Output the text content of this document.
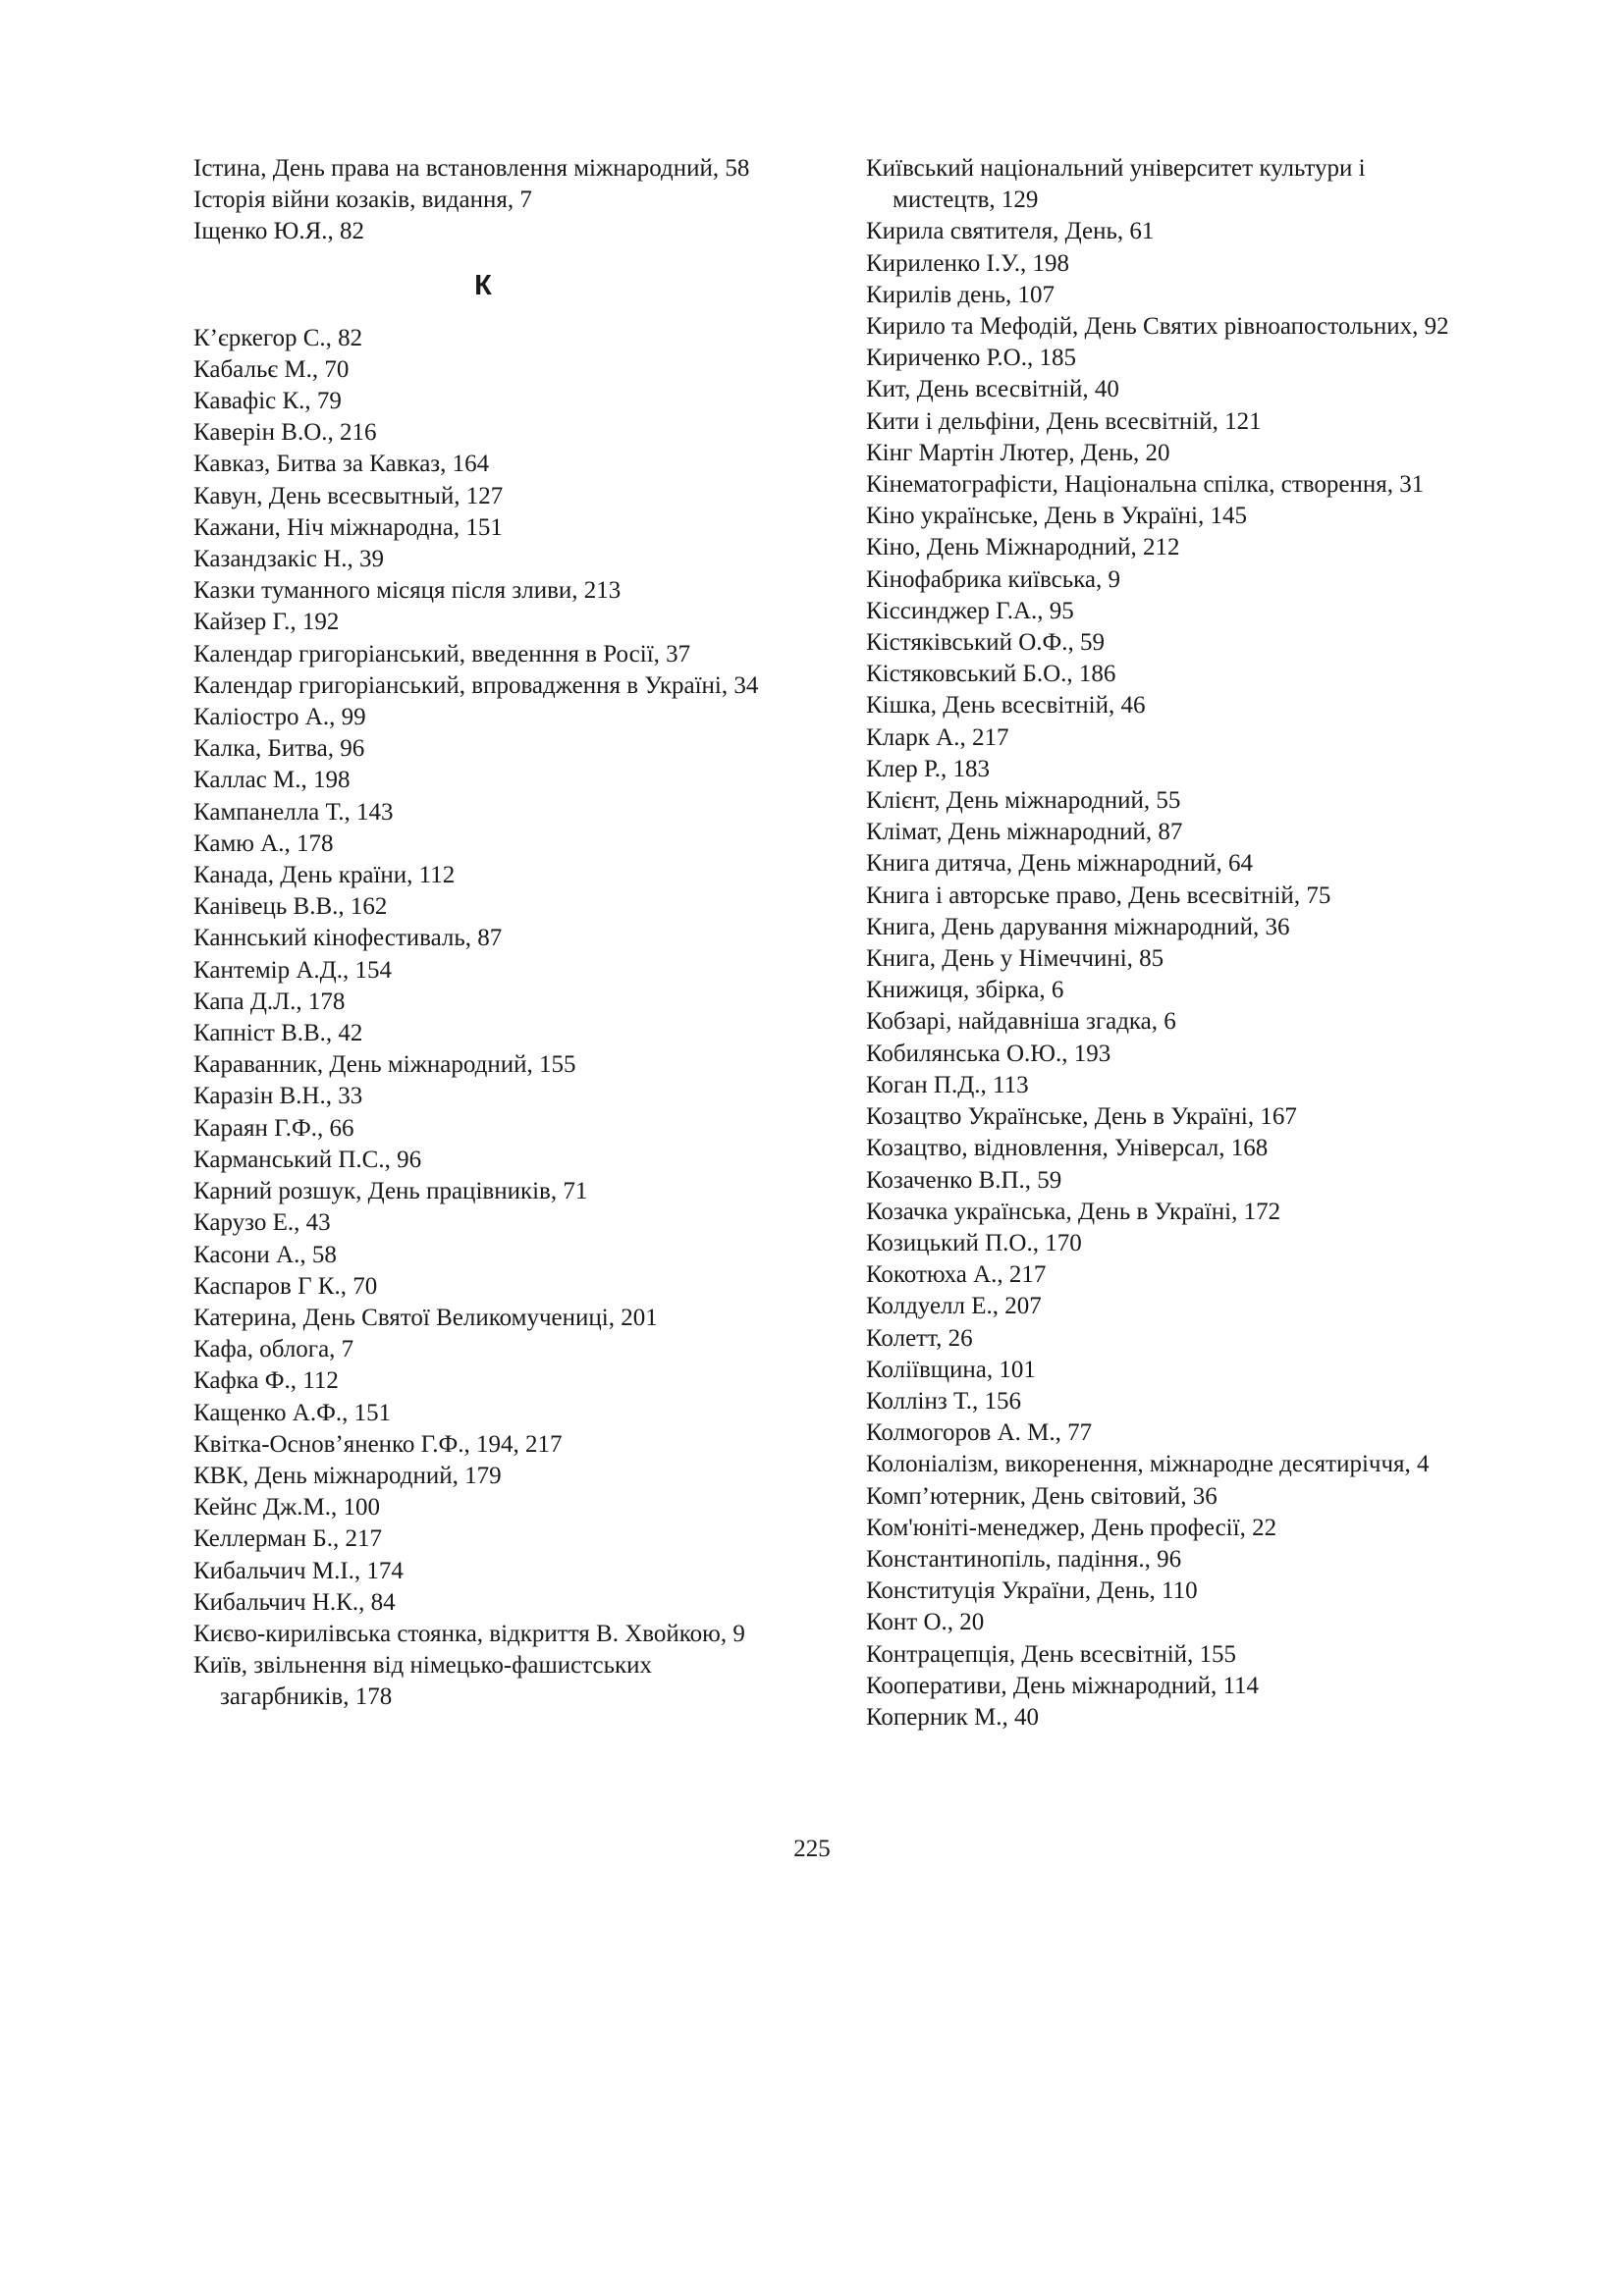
Істина, День права на встановлення міжнародний, 58
Історія війни козаків, видання, 7
Іщенко Ю.Я., 82
К
К’єркегор С., 82
Кабальє М., 70
Кавафіс К., 79
Каверін В.О., 216
Кавказ, Битва за Кавказ, 164
Кавун, День всесвытный, 127
Кажани, Ніч міжнародна, 151
Казандзакіс Н., 39
Казки туманного місяця після зливи, 213
Кайзер Г., 192
Календар григоріанський, введенння в Росії, 37
Календар григоріанський, впровадження в Україні, 34
Каліостро А., 99
Калка, Битва, 96
Каллас М., 198
Кампанелла Т., 143
Камю А., 178
Канада, День країни, 112
Канівець В.В., 162
Каннський кінофестиваль, 87
Кантемір А.Д., 154
Капа Д.Л., 178
Капніст В.В., 42
Караванник, День міжнародний, 155
Каразін В.Н., 33
Караян Г.Ф., 66
Карманський П.С., 96
Карний розшук, День працівників, 71
Карузо Е., 43
Касони А., 58
Каспаров Г К., 70
Катерина, День Святої Великомучениці, 201
Кафа, облога, 7
Кафка Ф., 112
Кащенко А.Ф., 151
Квітка-Основ’яненко Г.Ф., 194, 217
КВК, День міжнародний, 179
Кейнс Дж.М., 100
Келлерман Б., 217
Кибальчич М.І., 174
Кибальчич Н.К., 84
Києво-кирилівська стоянка, відкриття В. Хвойкою, 9
Київ, звільнення від німецько-фашистських загарбників, 178
Київський національний університет культури і мистецтв, 129
Кирила святителя, День, 61
Кириленко І.У., 198
Кирилів день, 107
Кирило та Мефодій, День Святих рівноапостольних, 92
Кириченко Р.О., 185
Кит, День всесвітній, 40
Кити і дельфіни, День всесвітній, 121
Кінг Мартін Лютер, День, 20
Кінематографісти, Національна спілка, створення, 31
Кіно українське, День в Україні, 145
Кіно, День Міжнародний, 212
Кінофабрика київська, 9
Кіссинджер Г.А., 95
Кістяківський О.Ф., 59
Кістяковський Б.О., 186
Кішка, День всесвітній, 46
Кларк А., 217
Клер Р., 183
Клієнт, День міжнародний, 55
Клімат, День міжнародний, 87
Книга дитяча, День міжнародний, 64
Книга і авторське право, День всесвітній, 75
Книга, День дарування міжнародний, 36
Книга, День у Німеччині, 85
Книжиця, збірка, 6
Кобзарі, найдавніша згадка, 6
Кобилянська О.Ю., 193
Коган П.Д., 113
Козацтво Українське, День в Україні, 167
Козацтво, відновлення, Універсал, 168
Козаченко В.П., 59
Козачка українська, День в Україні, 172
Козицький П.О., 170
Кокотюха А., 217
Колдуелл Е., 207
Колетт, 26
Коліївщина, 101
Коллінз Т., 156
Колмогоров А. М., 77
Колоніалізм, викоренення, міжнародне десятиріччя, 4
Комп’ютерник, День світовий, 36
Ком'юніті-менеджер, День професії, 22
Константинопіль, падіння., 96
Конституція України, День, 110
Конт О., 20
Контрацепція, День всесвітній, 155
Кооперативи, День міжнародний, 114
Коперник М., 40
225
